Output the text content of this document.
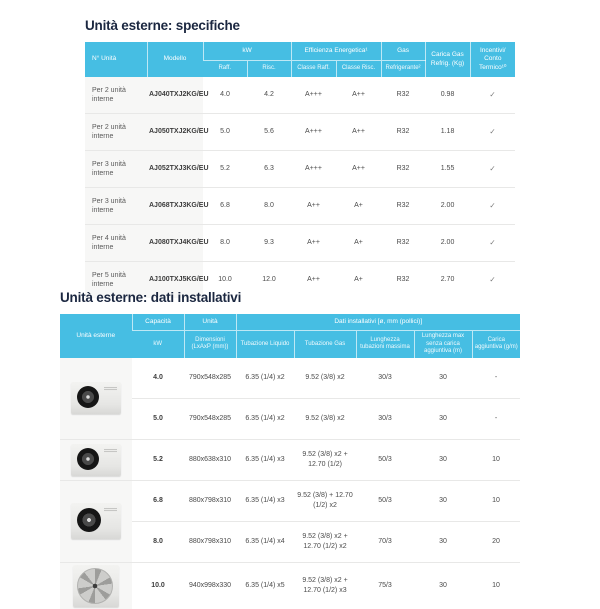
Unità esterne: specifiche
N° Unità	Modello	kW		Efficienza Energetica¹		Gas	Carica Gas Refrig. (Kg)	Incentivi/ Conto Termico¹⁰
		Raff.	Risc.	Classe Raff.	Classe Risc.	Refrigerante²		
Per 2 unità interne	AJ040TXJ2KG/EU	4.0	4.2	A+++	A++	R32	0.98	✓
Per 2 unità interne	AJ050TXJ2KG/EU	5.0	5.6	A+++	A++	R32	1.18	✓
Per 3 unità interne	AJ052TXJ3KG/EU	5.2	6.3	A+++	A++	R32	1.55	✓
Per 3 unità interne	AJ068TXJ3KG/EU	6.8	8.0	A++	A+	R32	2.00	✓
Per 4 unità interne	AJ080TXJ4KG/EU	8.0	9.3	A++	A+	R32	2.00	✓
Per 5 unità interne	AJ100TXJ5KG/EU	10.0	12.0	A++	A+	R32	2.70	✓
Unità esterne: dati installativi
Unità esterne	Capacità	Unità	Dati installativi [ø, mm (pollici)]				
	kW	Dimensioni (LxAxP (mm))	Tubazione Liquido	Tubazione Gas	Lunghezza tubazioni massima	Lunghezza max senza carica aggiuntiva (m)	Carica aggiuntiva (g/m)

	4.0	790x548x285	6.35 (1/4) x2	9.52 (3/8) x2	30/3	30	-
	5.0	790x548x285	6.35 (1/4) x2	9.52 (3/8) x2	30/3	30	-

	5.2	880x638x310	6.35 (1/4) x3	9.52 (3/8) x2 + 12.70 (1/2)	50/3	30	10

	6.8	880x798x310	6.35 (1/4) x3	9.52 (3/8) + 12.70 (1/2) x2	50/3	30	10
	8.0	880x798x310	6.35 (1/4) x4	9.52 (3/8) x2 + 12.70 (1/2) x2	70/3	30	20

	10.0	940x998x330	6.35 (1/4) x5	9.52 (3/8) x2 + 12.70 (1/2) x3	75/3	30	10
